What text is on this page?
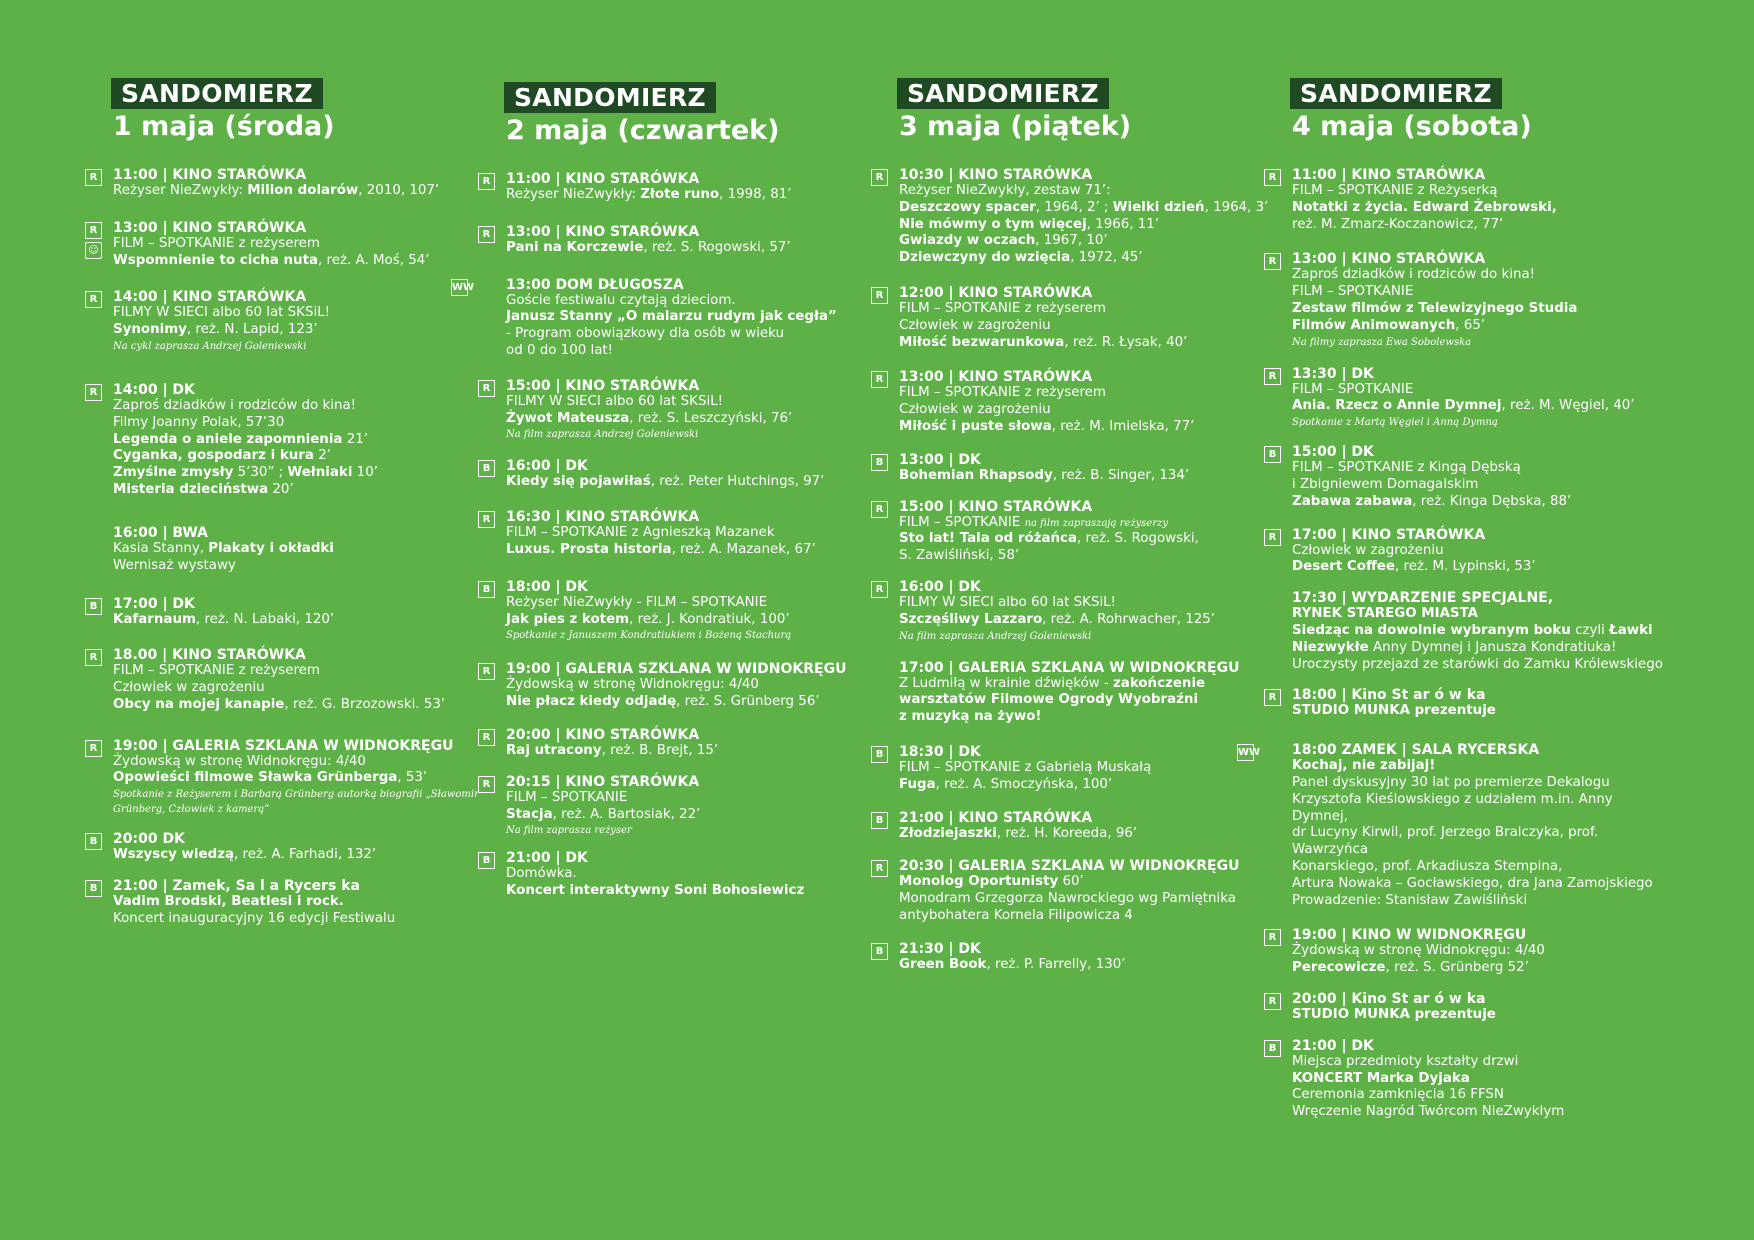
SANDOMIERZ
1 maja (środa)
R	11:00 | KINO STARÓWKA
Reżyser NieZwykły: Milion dolarów, 2010, 107’
R
☺
13:00 | KINO STARÓWKA
FILM – SPOTKANIE z reżyserem
Wspomnienie to cicha nuta, reż. A. Moś, 54’
R	14:00 | KINO STARÓWKA
FILMY W SIECI albo 60 lat SKSiL!
Synonimy, reż. N. Lapid, 123’
Na cykl zaprasza Andrzej Goleniewski
R	14:00 | DK
Zaproś dziadków i rodziców do kina!
Filmy Joanny Polak, 57’30
Legenda o aniele zapomnienia 21’
Cyganka, gospodarz i kura 2’
Zmyślne zmysły 5’30” ; Wełniaki 10’
Misteria dzieciństwa 20’
16:00 | BWA
Kasia Stanny, Plakaty i okładki
Wernisaż wystawy
B	17:00 | DK
Kafarnaum, reż. N. Labaki, 120’
R	18.00 | KINO STARÓWKA
FILM – SPOTKANIE z reżyserem
Człowiek w zagrożeniu
Obcy na mojej kanapie, reż. G. Brzozowski. 53’
R	19:00 | GALERIA SZKLANA W WIDNOKRĘGU
Żydowską w stronę Widnokręgu: 4/40
Opowieści filmowe Sławka Grünberga, 53’
Spotkanie z Reżyserem i Barbarą Grünberg autorką biografii „Sławomir Grünberg, Człowiek z kamerą”
B	20:00 DK
Wszyscy wiedzą, reż. A. Farhadi, 132’
B	21:00 | Zamek, Sa l a Rycers ka
Vadim Brodski, Beatlesi i rock.
Koncert inauguracyjny 16 edycji Festiwalu
SANDOMIERZ
2 maja (czwartek)
R	11:00 | KINO STARÓWKA
Reżyser NieZwykły: Złote runo, 1998, 81’
R	13:00 | KINO STARÓWKA
Pani na Korczewie, reż. S. Rogowski, 57’
WW 13:00 DOM DŁUGOSZA
Goście festiwalu czytają dzieciom.
Janusz Stanny „O malarzu rudym jak cegła”
- Program obowiązkowy dla osób w wieku
od 0 do 100 lat!
R	15:00 | KINO STARÓWKA
FILMY W SIECI albo 60 lat SKSiL!
Żywot Mateusza, reż. S. Leszczyński, 76’
Na film zaprasza Andrzej Goleniewski
B	16:00 | DK
Kiedy się pojawiłaś, reż. Peter Hutchings, 97’
R	16:30 | KINO STARÓWKA
FILM – SPOTKANIE z Agnieszką Mazanek
Luxus. Prosta historia, reż. A. Mazanek, 67’
B	18:00 | DK
Reżyser NieZwykły - FILM – SPOTKANIE
Jak pies z kotem, reż. J. Kondratiuk, 100’
Spotkanie z Januszem Kondratiukiem i Bożeną Stachurą
R	19:00 | GALERIA SZKLANA W WIDNOKRĘGU
Żydowską w stronę Widnokręgu: 4/40
Nie płacz kiedy odjadę, reż. S. Grünberg 56’
R	20:00 | KINO STARÓWKA
Raj utracony, reż. B. Brejt, 15’
R	20:15 | KINO STARÓWKA
FILM – SPOTKANIE
Stacja, reż. A. Bartosiak, 22’
Na film zaprasza reżyser
B	21:00 | DK
Domówka.
Koncert interaktywny Soni Bohosiewicz
SANDOMIERZ
3 maja (piątek)
R	10:30 | KINO STARÓWKA
Reżyser NieZwykły, zestaw 71’:
Deszczowy spacer, 1964, 2’ ; Wielki dzień, 1964, 3’
Nie mówmy o tym więcej, 1966, 11’
Gwiazdy w oczach, 1967, 10’
Dziewczyny do wzięcia, 1972, 45’
R	12:00 | KINO STARÓWKA
FILM – SPOTKANIE z reżyserem
Człowiek w zagrożeniu
Miłość bezwarunkowa, reż. R. Łysak, 40’
R	13:00 | KINO STARÓWKA
FILM – SPOTKANIE z reżyserem
Człowiek w zagrożeniu
Miłość i puste słowa, reż. M. Imielska, 77’
B	13:00 | DK
Bohemian Rhapsody, reż. B. Singer, 134’
R	15:00 | KINO STARÓWKA
FILM – SPOTKANIE na film zapraszają reżyserzy
Sto lat! Tala od różańca, reż. S. Rogowski,
S. Zawiśliński, 58’
R	16:00 | DK
FILMY W SIECI albo 60 lat SKSiL!
Szczęśliwy Lazzaro, reż. A. Rohrwacher, 125’
Na film zaprasza Andrzej Goleniewski
17:00 | GALERIA SZKLANA W WIDNOKRĘGU
Z Ludmiłą w krainie dźwięków - zakończenie
warsztatów Filmowe Ogrody Wyobraźni
z muzyką na żywo!
B	18:30 | DK
FILM – SPOTKANIE z Gabrielą Muskałą
Fuga, reż. A. Smoczyńska, 100’
B	21:00 | KINO STARÓWKA
Złodziejaszki, reż. H. Koreeda, 96’
R	20:30 | GALERIA SZKLANA W WIDNOKRĘGU
Monolog Oportunisty 60’
Monodram Grzegorza Nawrockiego wg Pamiętnika
antybohatera Kornela Filipowicza 4
B	21:30 | DK
Green Book, reż. P. Farrelly, 130’
SANDOMIERZ
4 maja (sobota)
R	11:00 | KINO STARÓWKA
FILM – SPOTKANIE z Reżyserką
Notatki z życia. Edward Żebrowski,
reż. M. Zmarz-Koczanowicz, 77’
R	13:00 | KINO STARÓWKA
Zaproś dziadków i rodziców do kina!
FILM – SPOTKANIE
Zestaw filmów z Telewizyjnego Studia
Filmów Animowanych, 65’
Na filmy zaprasza Ewa Sobolewska
R	13:30 | DK
FILM – SPOTKANIE
Ania. Rzecz o Annie Dymnej, reż. M. Węgiel, 40’
Spotkanie z Martą Węgiel i Anną Dymną
B	15:00 | DK
FILM – SPOTKANIE z Kingą Dębską
i Zbigniewem Domagalskim
Zabawa zabawa, reż. Kinga Dębska, 88’
R	17:00 | KINO STARÓWKA
Człowiek w zagrożeniu
Desert Coffee, reż. M. Lypinski, 53’
17:30 | WYDARZENIE SPECJALNE,
RYNEK STAREGO MIASTA
Siedząc na dowolnie wybranym boku czyli Ławki
Niezwykłe Anny Dymnej i Janusza Kondratiuka!
Uroczysty przejazd ze starówki do Zamku Królewskiego
R	18:00 | Kino St ar ó w ka
STUDIO MUNKA prezentuje
WW 18:00 ZAMEK | SALA RYCERSKA
Kochaj, nie zabijaj!
Panel dyskusyjny 30 lat po premierze Dekalogu
Krzysztofa Kieślowskiego z udziałem m.in. Anny Dymnej,
dr Lucyny Kirwil, prof. Jerzego Bralczyka, prof. Wawrzyńca
Konarskiego, prof. Arkadiusza Stempina,
Artura Nowaka – Gocławskiego, dra Jana Zamojskiego
Prowadzenie: Stanisław Zawiśliński
R	19:00 | KINO W WIDNOKRĘGU
Żydowską w stronę Widnokręgu: 4/40
Perecowicze, reż. S. Grünberg 52’
R	20:00 | Kino St ar ó w ka
STUDIO MUNKA prezentuje
B	21:00 | DK
Miejsca przedmioty kształty drzwi
KONCERT Marka Dyjaka
Ceremonia zamknięcia 16 FFSN
Wręczenie Nagród Twórcom NieZwykłym
